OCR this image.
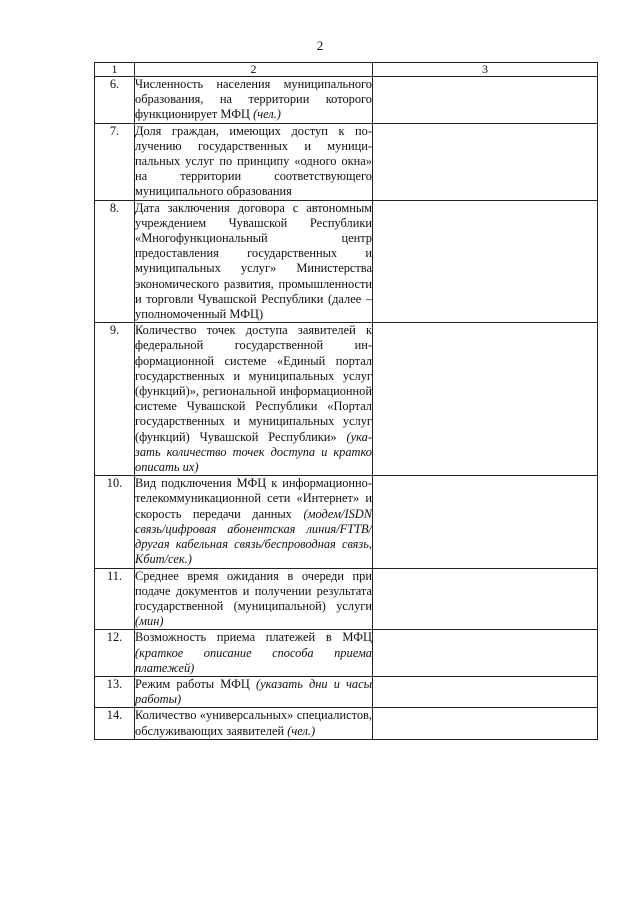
2
1	2	3
6.	Численность населения муниципального образования, на территории которого функционирует МФЦ (чел.)	
7.	Доля граждан, имеющих доступ к получению государственных и муниципальных услуг по принципу «одного окна» на территории соответствующего муниципального образования	
8.	Дата заключения договора с автономным учреждением Чувашской Республики «Многофункциональный центр предоставления государственных и муниципальных услуг» Министерства экономического развития, промышленности и торговли Чувашской Республики (далее – уполномоченный МФЦ)	
9.	Количество точек доступа заявителей к федеральной государственной информационной системе «Единый портал государственных и муниципальных услуг (функций)», региональной информационной системе Чувашской Республики «Портал государственных и муниципальных услуг (функций) Чувашской Республики» (указать количество точек доступа и кратко описать их)	
10.	Вид подключения МФЦ к информационно-телекоммуникационной сети «Интернет» и скорость передачи данных (модем/ISDN связь/цифровая абонентская линия/FTTB/другая кабельная связь/беспроводная связь, Кбит/сек.)	
11.	Среднее время ожидания в очереди при подаче документов и получении результата государственной (муниципальной) услуги (мин)	
12.	Возможность приема платежей в МФЦ (краткое описание способа приема платежей)	
13.	Режим работы МФЦ (указать дни и часы работы)	
14.	Количество «универсальных» специалистов, обслуживающих заявителей (чел.)	
